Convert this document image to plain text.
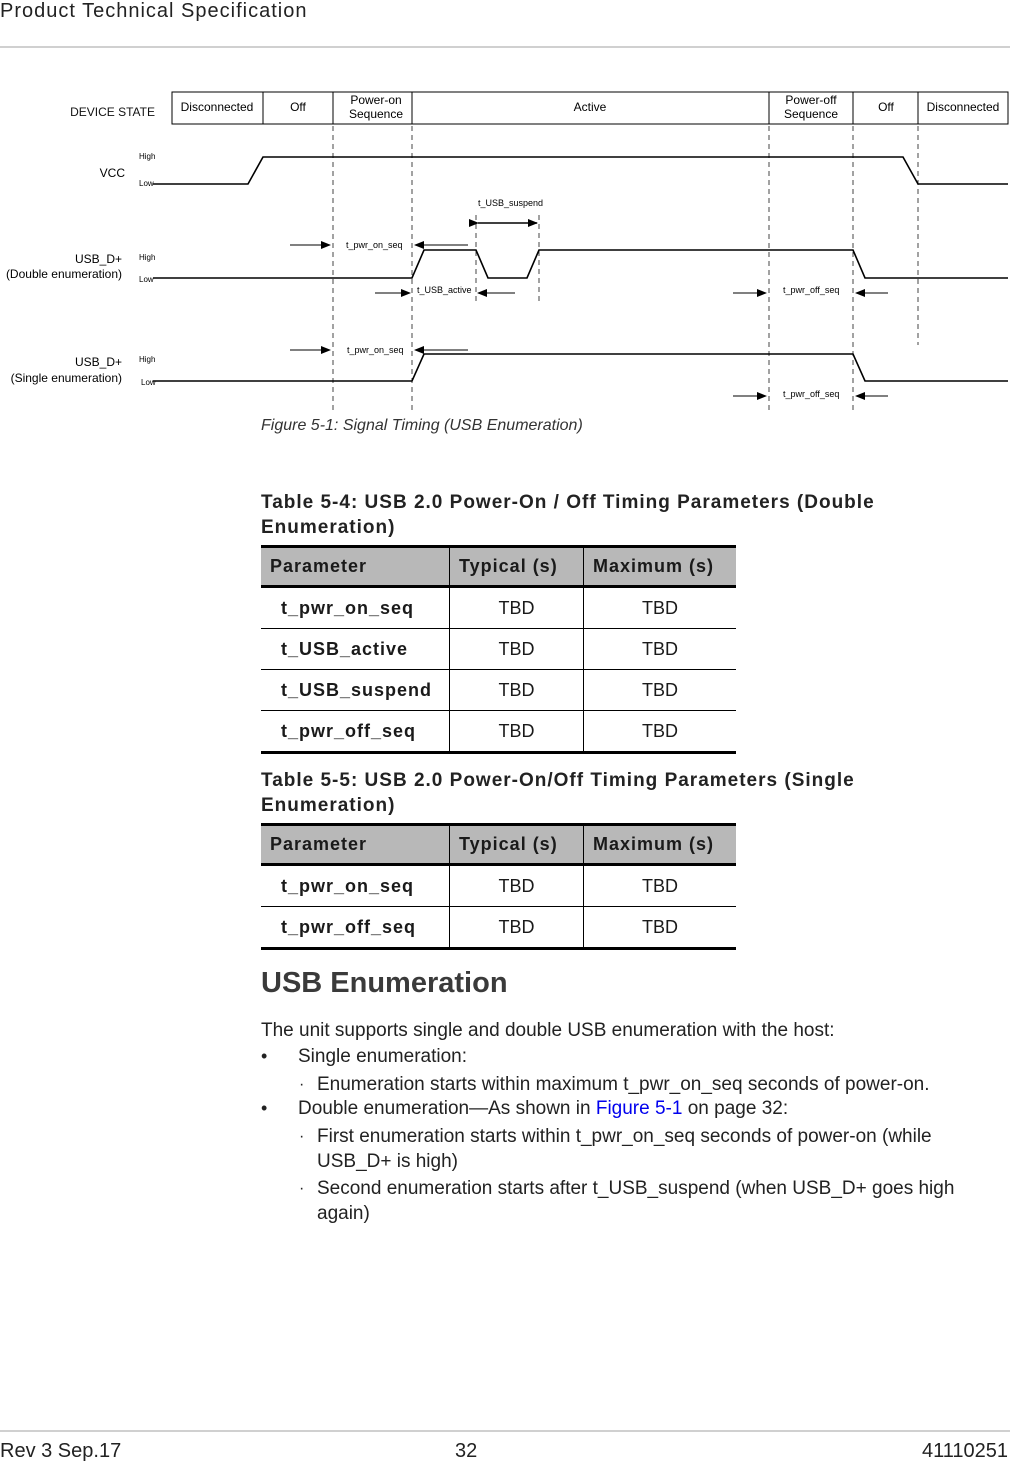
Product Technical Specification
DEVICE STATE Disconnected	Off	Power-on
Sequence	Active	Power-off
Sequence	Off	Disconnected
VCC
High
Low
USB_D+
(Double enumeration)
High
Low
t_USB_suspend
t_pwr_on_seq
t_USB_active	t_pwr_off_seq
USB_D+
(Single enumeration)
High
Low
t_pwr_on_seq
t_pwr_off_seq
Figure 5-1: Signal Timing (USB Enumeration)
Table 5-4: USB 2.0 Power-On / Off Timing Parameters (Double Enumeration)
Parameter	Typical (s)	Maximum (s)
t_pwr_on_seq	TBD	TBD
t_USB_active	TBD	TBD
t_USB_suspend	TBD	TBD
t_pwr_off_seq	TBD	TBD
Table 5-5: USB 2.0 Power-On/Off Timing Parameters (Single Enumeration)
Parameter	Typical (s)	Maximum (s)
t_pwr_on_seq	TBD	TBD
t_pwr_off_seq	TBD	TBD
USB Enumeration
The unit supports single and double USB enumeration with the host:
• Single enumeration:
· Enumeration starts within maximum t_pwr_on_seq seconds of power-on.
• Double enumeration—As shown in Figure 5-1 on page 32:
· First enumeration starts within t_pwr_on_seq seconds of power-on (while USB_D+ is high)
· Second enumeration starts after t_USB_suspend (when USB_D+ goes high again)
Rev 3 Sep.17	32	41110251
